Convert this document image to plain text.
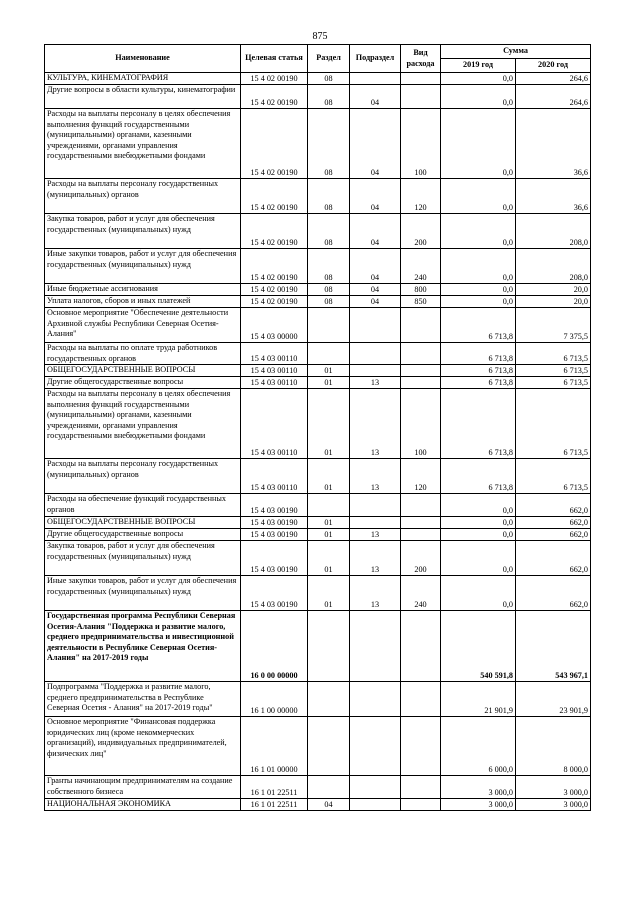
875
Наименование	Целевая статья	Раздел	Подраздел	Вид расхода	Сумма	
					2019 год	2020 год
КУЛЬТУРА, КИНЕМАТОГРАФИЯ	15 4 02 00190	08			0,0	264,6
Другие вопросы в области культуры, кинематографии	15 4 02 00190	08	04		0,0	264,6
Расходы на выплаты персоналу в целях обеспечения выполнения функций государственными (муниципальными) органами, казенными учреждениями, органами управления государственными внебюджетными фондами	15 4 02 00190	08	04	100	0,0	36,6
Расходы на выплаты персоналу государственных (муниципальных) органов	15 4 02 00190	08	04	120	0,0	36,6
Закупка товаров, работ и услуг для обеспечения государственных (муниципальных) нужд	15 4 02 00190	08	04	200	0,0	208,0
Иные закупки товаров, работ и услуг для обеспечения государственных (муниципальных) нужд	15 4 02 00190	08	04	240	0,0	208,0
Иные бюджетные ассигнования	15 4 02 00190	08	04	800	0,0	20,0
Уплата налогов, сборов и иных платежей	15 4 02 00190	08	04	850	0,0	20,0
Основное мероприятие "Обеспечение деятельности Архивной службы Республики Северная Осетия-Алания"	15 4 03 00000				6 713,8	7 375,5
Расходы на выплаты по оплате труда работников государственных органов	15 4 03 00110				6 713,8	6 713,5
ОБЩЕГОСУДАРСТВЕННЫЕ ВОПРОСЫ	15 4 03 00110	01			6 713,8	6 713,5
Другие общегосударственные вопросы	15 4 03 00110	01	13		6 713,8	6 713,5
Расходы на выплаты персоналу в целях обеспечения выполнения функций государственными (муниципальными) органами, казенными учреждениями, органами управления государственными внебюджетными фондами	15 4 03 00110	01	13	100	6 713,8	6 713,5
Расходы на выплаты персоналу государственных (муниципальных) органов	15 4 03 00110	01	13	120	6 713,8	6 713,5
Расходы на обеспечение функций государственных органов	15 4 03 00190				0,0	662,0
ОБЩЕГОСУДАРСТВЕННЫЕ ВОПРОСЫ	15 4 03 00190	01			0,0	662,0
Другие общегосударственные вопросы	15 4 03 00190	01	13		0,0	662,0
Закупка товаров, работ и услуг для обеспечения государственных (муниципальных) нужд	15 4 03 00190	01	13	200	0,0	662,0
Иные закупки товаров, работ и услуг для обеспечения государственных (муниципальных) нужд	15 4 03 00190	01	13	240	0,0	662,0
Государственная программа Республики Северная Осетия-Алания "Поддержка и развитие малого, среднего предпринимательства и инвестиционной деятельности в Республике Северная Осетия-Алания" на 2017-2019 годы	16 0 00 00000				540 591,8	543 967,1
Подпрограмма "Поддержка и развитие малого, среднего предпринимательства в Республике Северная Осетия - Алания" на 2017-2019 годы"	16 1 00 00000				21 901,9	23 901,9
Основное мероприятие "Финансовая поддержка юридических лиц (кроме некоммерческих организаций), индивидуальных предпринимателей, физических лиц"	16 1 01 00000				6 000,0	8 000,0
Гранты начинающим предпринимателям на создание собственного бизнеса	16 1 01 22511				3 000,0	3 000,0
НАЦИОНАЛЬНАЯ ЭКОНОМИКА	16 1 01 22511	04			3 000,0	3 000,0
